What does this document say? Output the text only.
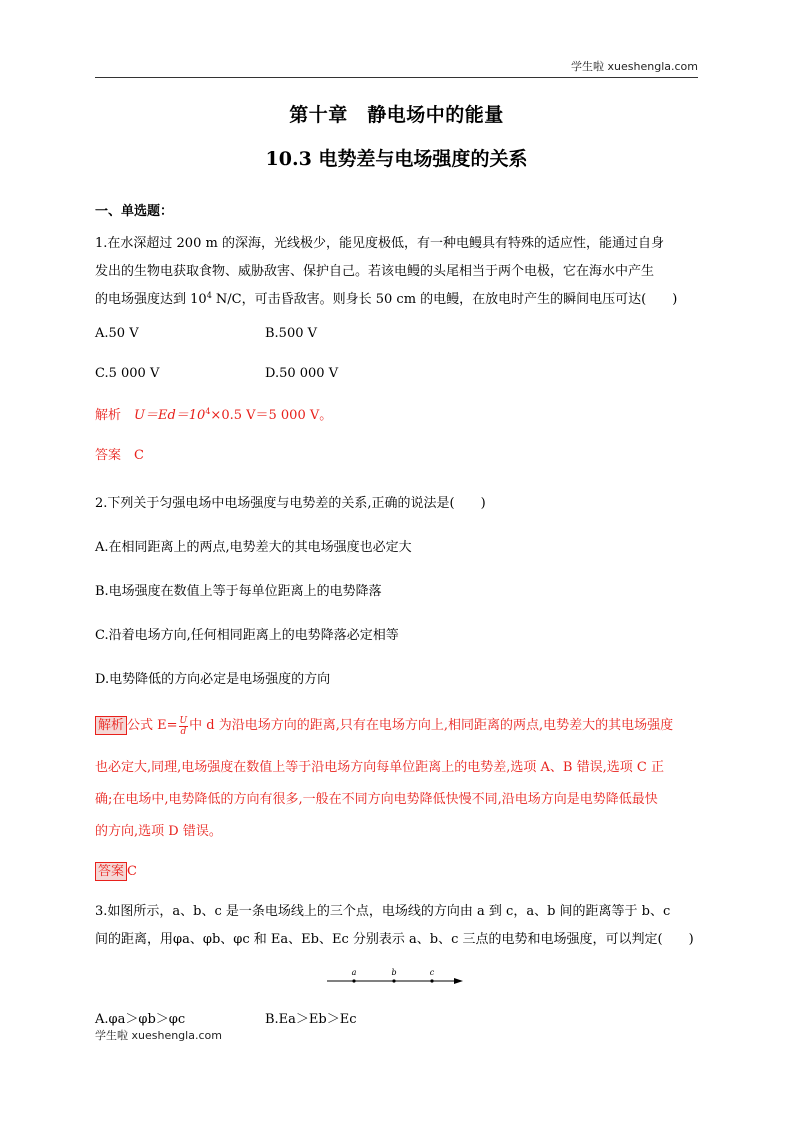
学生啦 xueshengla.com
第十章　静电场中的能量
10.3 电势差与电场强度的关系
一、单选题：
1.在水深超过 200 m 的深海，光线极少，能见度极低，有一种电鳗具有特殊的适应性，能通过自身
发出的生物电获取食物、威胁敌害、保护自己。若该电鳗的头尾相当于两个电极，它在海水中产生
的电场强度达到 $10^4$ N/C，可击昏敌害。则身长 50 cm 的电鳗，在放电时产生的瞬间电压可达(　　)
A.50 V	B.500 V
C.5 000 V	D.50 000 V
解析　$U=Ed=10^4\times 0.5$ V＝5 000 V。
答案　C
2.下列关于匀强电场中电场强度与电势差的关系,正确的说法是(　　)
A.在相同距离上的两点,电势差大的其电场强度也必定大
B.电场强度在数值上等于每单位距离上的电势降落
C.沿着电场方向,任何相同距离上的电势降落必定相等
D.电势降低的方向必定是电场强度的方向
解析 公式 $E= \frac{U}{d}$ 中 d 为沿电场方向的距离,只有在电场方向上,相同距离的两点,电势差大的其电场强度
也必定大,同理,电场强度在数值上等于沿电场方向每单位距离上的电势差,选项 A、B 错误,选项 C 正
确;在电场中,电势降低的方向有很多,一般在不同方向电势降低快慢不同,沿电场方向是电势降低最快
的方向,选项 D 错误。
答案 C
3.如图所示，a、b、c 是一条电场线上的三个点，电场线的方向由 a 到 c，a、b 间的距离等于 b、c
间的距离，用φa、φb、φc 和 Ea、Eb、Ec 分别表示 a、b、c 三点的电势和电场强度，可以判定(　　)
a	b	c
A.φa＞φb＞φc	B.Ea＞Eb＞Ec
学生啦 xueshengla.com
